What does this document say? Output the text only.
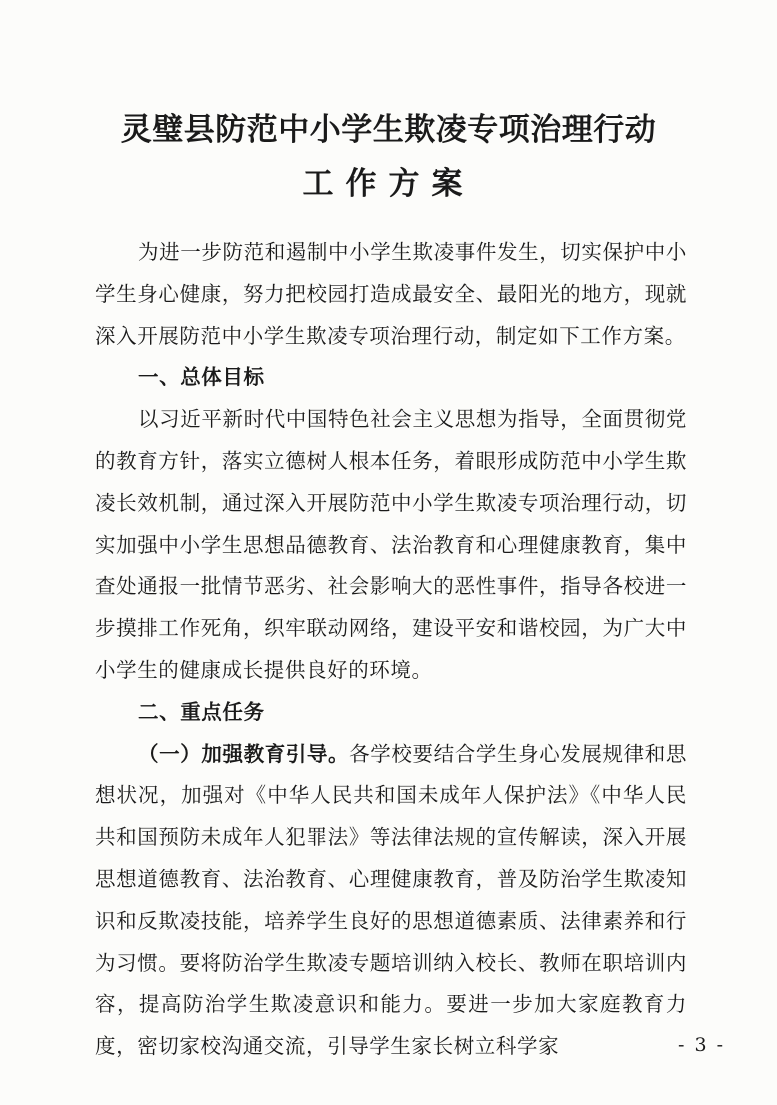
灵璧县防范中小学生欺凌专项治理行动

工作方案

为进一步防范和遏制中小学生欺凌事件发生，切实保护中小学生身心健康，努力把校园打造成最安全、最阳光的地方，现就深入开展防范中小学生欺凌专项治理行动，制定如下工作方案。

一、总体目标

以习近平新时代中国特色社会主义思想为指导，全面贯彻党的教育方针，落实立德树人根本任务，着眼形成防范中小学生欺凌长效机制，通过深入开展防范中小学生欺凌专项治理行动，切实加强中小学生思想品德教育、法治教育和心理健康教育，集中查处通报一批情节恶劣、社会影响大的恶性事件，指导各校进一步摸排工作死角，织牢联动网络，建设平安和谐校园，为广大中小学生的健康成长提供良好的环境。

二、重点任务

（一）加强教育引导。各学校要结合学生身心发展规律和思想状况，加强对《中华人民共和国未成年人保护法》《中华人民共和国预防未成年人犯罪法》等法律法规的宣传解读，深入开展思想道德教育、法治教育、心理健康教育，普及防治学生欺凌知识和反欺凌技能，培养学生良好的思想道德素质、法律素养和行为习惯。要将防治学生欺凌专题培训纳入校长、教师在职培训内容，提高防治学生欺凌意识和能力。要进一步加大家庭教育力度，密切家校沟通交流，引导学生家长树立科学家	- 3 -
